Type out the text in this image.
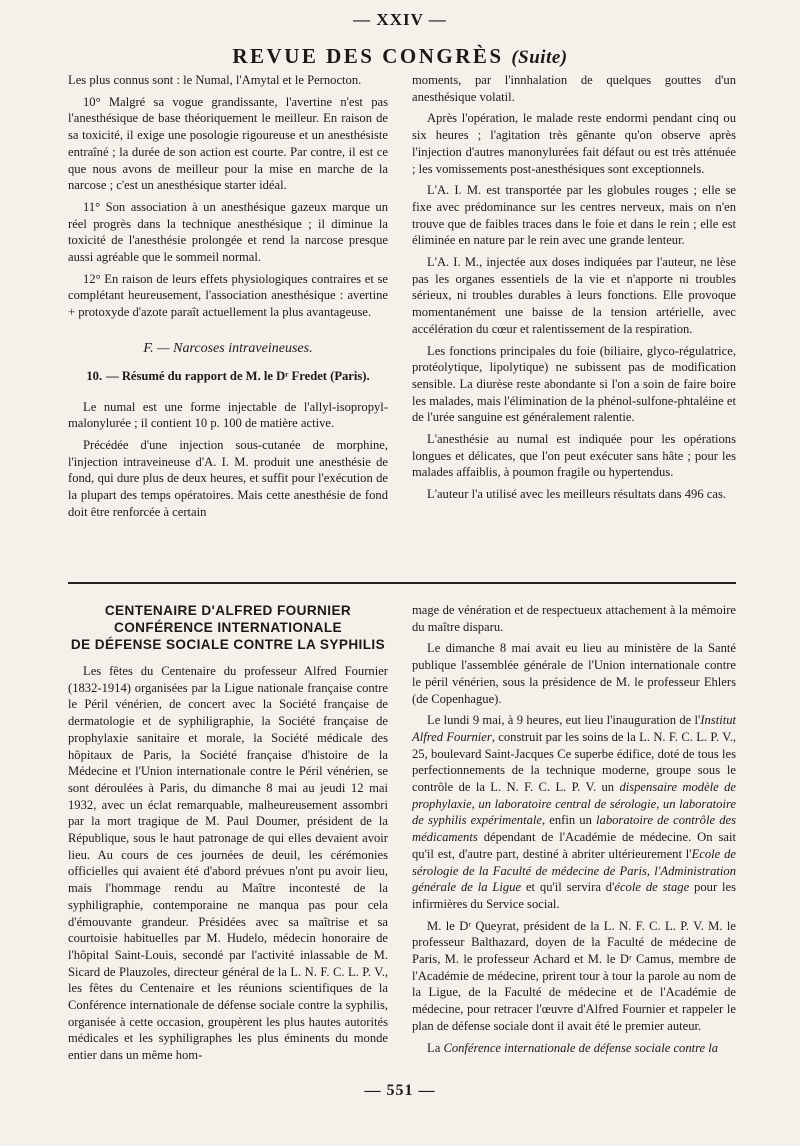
— XXIV —
REVUE DES CONGRÈS (Suite)

Les plus connus sont : le Numal, l'Amytal et le Pernocton.

10° Malgré sa vogue grandissante, l'avertine n'est pas l'anesthésique de base théoriquement le meilleur. En raison de sa toxicité, il exige une posologie rigoureuse et un anesthésiste entraîné ; la durée de son action est courte. Par contre, il est ce que nous avons de meilleur pour la mise en marche de la narcose ; c'est un anesthésique starter idéal.

11° Son association à un anesthésique gazeux marque un réel progrès dans la technique anesthésique ; il diminue la toxicité de l'anesthésie prolongée et rend la narcose presque aussi agréable que le sommeil normal.

12° En raison de leurs effets physiologiques contraires et se complétant heureusement, l'association anesthésique : avertine + protoxyde d'azote paraît actuellement la plus avantageuse.

F. — Narcoses intraveineuses.
10. — Résumé du rapport de M. le Dʳ Fredet (Paris).

Le numal est une forme injectable de l'allyl-isopropyl-malonylurée ; il contient 10 p. 100 de matière active.

Précédée d'une injection sous-cutanée de morphine, l'injection intraveineuse d'A. I. M. produit une anesthésie de fond, qui dure plus de deux heures, et suffit pour l'exécution de la plupart des temps opératoires. Mais cette anesthésie de fond doit être renforcée à certain

moments, par l'innhalation de quelques gouttes d'un anesthésique volatil.

Après l'opération, le malade reste endormi pendant cinq ou six heures ; l'agitation très gênante qu'on observe après l'injection d'autres manonylurées fait défaut ou est très atténuée ; les vomissements post-anesthésiques sont exceptionnels.

L'A. I. M. est transportée par les globules rouges ; elle se fixe avec prédominance sur les centres nerveux, mais on n'en trouve que de faibles traces dans le foie et dans le rein ; elle est éliminée en nature par le rein avec une grande lenteur.

L'A. I. M., injectée aux doses indiquées par l'auteur, ne lèse pas les organes essentiels de la vie et n'apporte ni troubles sérieux, ni troubles durables à leurs fonctions. Elle provoque momentanément une baisse de la tension artérielle, avec accélération du cœur et ralentissement de la respiration.

Les fonctions principales du foie (biliaire, glyco-régulatrice, protéolytique, lipolytique) ne subissent pas de modification sensible. La diurèse reste abondante si l'on a soin de faire boire les malades, mais l'élimination de la phénol-sulfone-phtaléine et de l'urée sanguine est généralement ralentie.

L'anesthésie au numal est indiquée pour les opérations longues et délicates, que l'on peut exécuter sans hâte ; pour les malades affaiblis, à poumon fragile ou hypertendus.

L'auteur l'a utilisé avec les meilleurs résultats dans 496 cas.

CENTENAIRE D'ALFRED FOURNIER
CONFÉRENCE INTERNATIONALE
DE DÉFENSE SOCIALE CONTRE LA SYPHILIS

Les fêtes du Centenaire du professeur Alfred Fournier (1832-1914) organisées par la Ligue nationale française contre le Péril vénérien, de concert avec la Société française de dermatologie et de syphiligraphie, la Société française de prophylaxie sanitaire et morale, la Société médicale des hôpitaux de Paris, la Société française d'histoire de la Médecine et l'Union internationale contre le Péril vénérien, se sont déroulées à Paris, du dimanche 8 mai au jeudi 12 mai 1932, avec un éclat remarquable, malheureusement assombri par la mort tragique de M. Paul Doumer, président de la République, sous le haut patronage de qui elles devaient avoir lieu. Au cours de ces journées de deuil, les cérémonies officielles qui avaient été d'abord prévues n'ont pu avoir lieu, mais l'hommage rendu au Maître incontesté de la syphiligraphie, contemporaine ne manqua pas pour cela d'émouvante grandeur. Présidées avec sa maîtrise et sa courtoisie habituelles par M. Hudelo, médecin honoraire de l'hôpital Saint-Louis, secondé par l'activité inlassable de M. Sicard de Plauzoles, directeur général de la L. N. F. C. L. P. V., les fêtes du Centenaire et les réunions scientifiques de la Conférence internationale de défense sociale contre la syphilis, organisée à cette occasion, groupèrent les plus hautes autorités médicales et les syphiligraphes les plus éminents du monde entier dans un même hom-

mage de vénération et de respectueux attachement à la mémoire du maître disparu.

Le dimanche 8 mai avait eu lieu au ministère de la Santé publique l'assemblée générale de l'Union internationale contre le péril vénérien, sous la présidence de M. le professeur Ehlers (de Copenhague).

Le lundi 9 mai, à 9 heures, eut lieu l'inauguration de l'Institut Alfred Fournier, construit par les soins de la L. N. F. C. L. P. V., 25, boulevard Saint-Jacques Ce superbe édifice, doté de tous les perfectionnements de la technique moderne, groupe sous le contrôle de la L. N. F. C. L. P. V. un dispensaire modèle de prophylaxie, un laboratoire central de sérologie, un laboratoire de syphilis expérimentale, enfin un laboratoire de contrôle des médicaments dépendant de l'Académie de médecine. On sait qu'il est, d'autre part, destiné à abriter ultérieurement l'Ecole de sérologie de la Faculté de médecine de Paris, l'Administration générale de la Ligue et qu'il servira d'école de stage pour les infirmières du Service social.

M. le Dʳ Queyrat, président de la L. N. F. C. L. P. V. M. le professeur Balthazard, doyen de la Faculté de médecine de Paris, M. le professeur Achard et M. le Dʳ Camus, membre de l'Académie de médecine, prirent tour à tour la parole au nom de la Ligue, de la Faculté de médecine et de l'Académie de médecine, pour retracer l'œuvre d'Alfred Fournier et rappeler le plan de défense sociale dont il avait été le premier auteur.

La Conférence internationale de défense sociale contre la

— 551 —
